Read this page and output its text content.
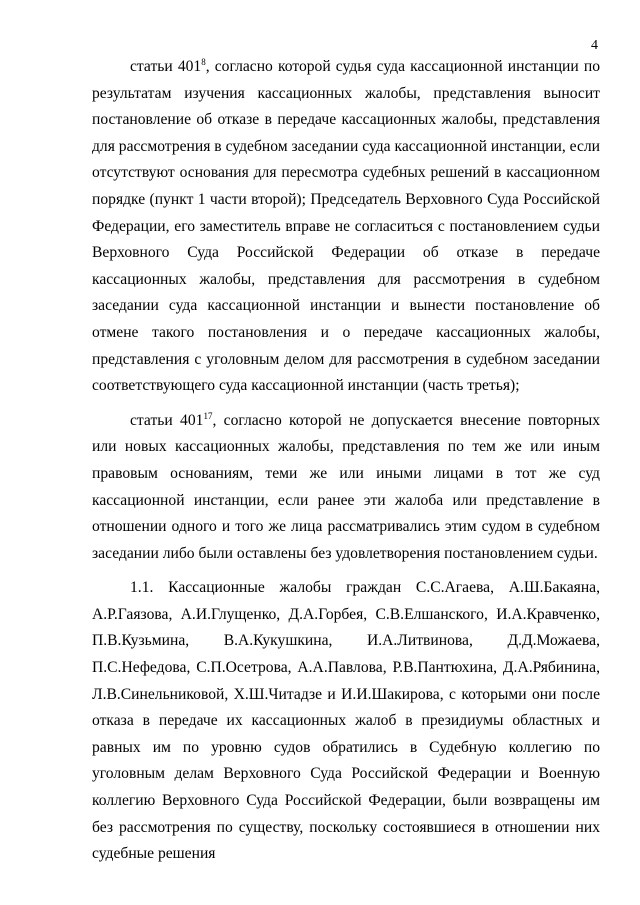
4

статьи $401^8$, согласно которой судья суда кассационной инстанции по результатам изучения кассационных жалобы, представления выносит постановление об отказе в передаче кассационных жалобы, представления для рассмотрения в судебном заседании суда кассационной инстанции, если отсутствуют основания для пересмотра судебных решений в кассационном порядке (пункт 1 части второй); Председатель Верховного Суда Российской Федерации, его заместитель вправе не согласиться с постановлением судьи Верховного Суда Российской Федерации об отказе в передаче кассационных жалобы, представления для рассмотрения в судебном заседании суда кассационной инстанции и вынести постановление об отмене такого постановления и о передаче кассационных жалобы, представления с уголовным делом для рассмотрения в судебном заседании соответствующего суда кассационной инстанции (часть третья);

статьи $401^{17}$, согласно которой не допускается внесение повторных или новых кассационных жалобы, представления по тем же или иным правовым основаниям, теми же или иными лицами в тот же суд кассационной инстанции, если ранее эти жалоба или представление в отношении одного и того же лица рассматривались этим судом в судебном заседании либо были оставлены без удовлетворения постановлением судьи.

1.1. Кассационные жалобы граждан С.С.Агаева, А.Ш.Бакаяна, А.Р.Гаязова, А.И.Глущенко, Д.А.Горбея, С.В.Елшанского, И.А.Кравченко, П.В.Кузьмина, В.А.Кукушкина, И.А.Литвинова, Д.Д.Можаева, П.С.Нефедова, С.П.Осетрова, А.А.Павлова, Р.В.Пантюхина, Д.А.Рябинина, Л.В.Синельниковой, Х.Ш.Читадзе и И.И.Шакирова, с которыми они после отказа в передаче их кассационных жалоб в президиумы областных и равных им по уровню судов обратились в Судебную коллегию по уголовным делам Верховного Суда Российской Федерации и Военную коллегию Верховного Суда Российской Федерации, были возвращены им без рассмотрения по существу, поскольку состоявшиеся в отношении них судебные решения
